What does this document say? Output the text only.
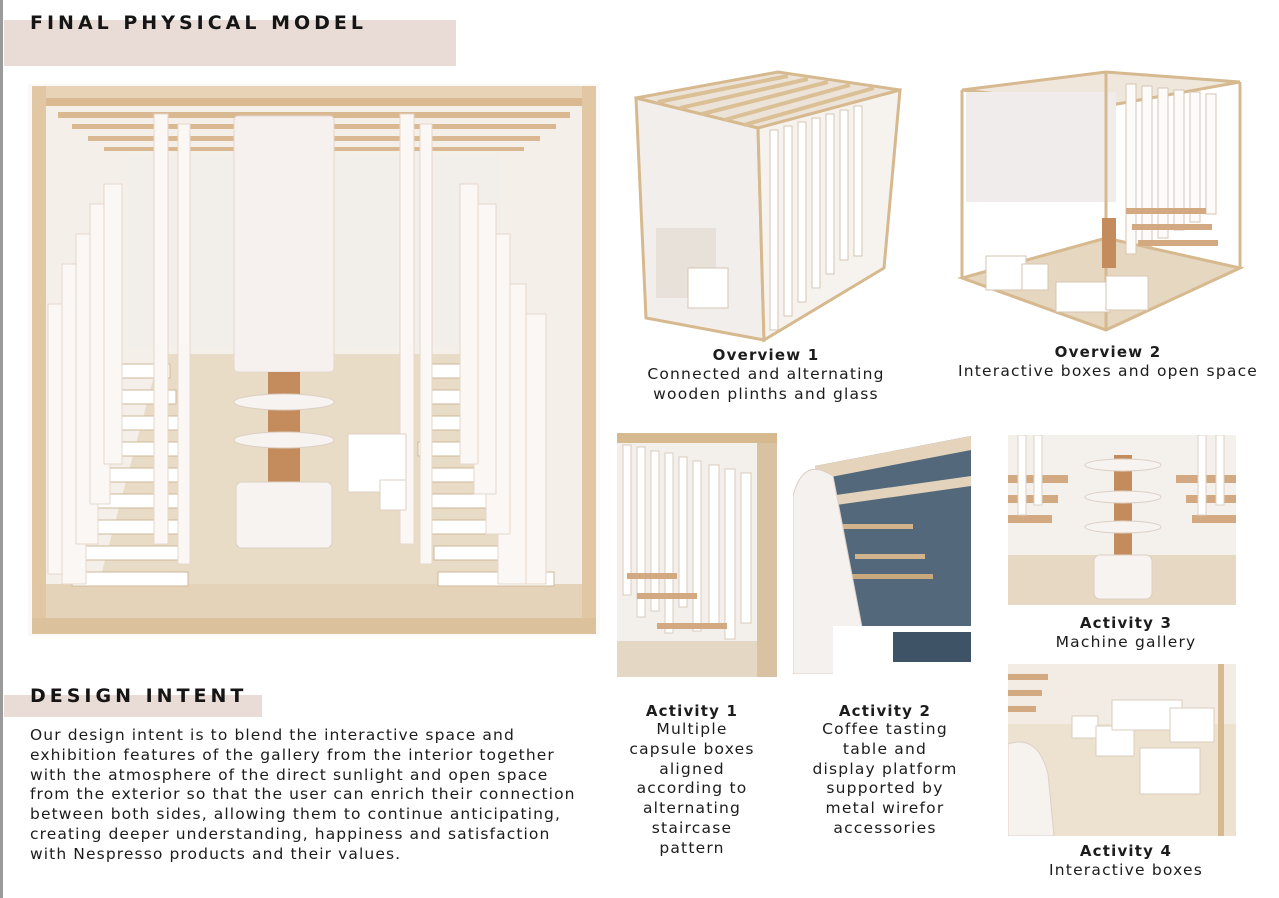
FINAL PHYSICAL MODEL
Overview 1
Connected and alternating wooden plinths and glass
Overview 2
Interactive boxes and open space
Activity 1
Multiple capsule boxes aligned according to alternating staircase pattern
Activity 2
Coffee tasting table and display platform supported by metal wirefor accessories
Activity 3
Machine gallery
Activity 4
Interactive boxes
DESIGN INTENT
Our design intent is to blend the interactive space and exhibition features of the gallery from the interior together with the atmosphere of the direct sunlight and open space from the exterior so that the user can enrich their connection between both sides, allowing them to continue anticipating, creating deeper understanding, happiness and satisfaction with Nespresso products and their values.
